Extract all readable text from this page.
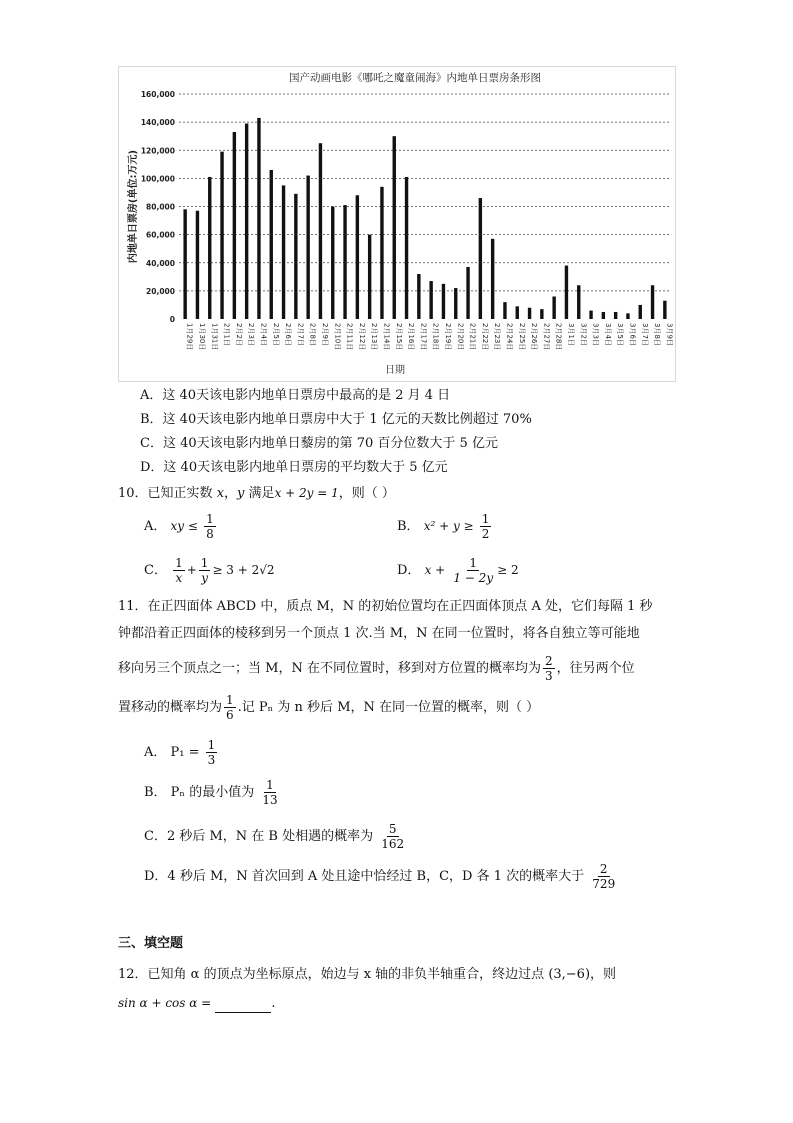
国产动画电影《哪吒之魔童闹海》内地单日票房条形图
0
20,000
40,000
60,000
80,000
100,000
120,000
140,000
160,000
内地单日票房(单位:万元)
1月29日 1月30日 1月31日 2月1日 2月2日 2月3日 2月4日 2月5日 2月6日 2月7日 2月8日 2月9日 2月10日 2月11日 2月12日 2月13日 2月14日 2月15日 2月16日 2月17日 2月18日 2月19日 2月20日 2月21日 2月22日 2月23日 2月24日 2月25日 2月26日 2月27日 2月28日 3月1日 3月2日 3月3日 3月4日 3月5日 3月6日 3月7日 3月8日 3月9日
日期
A．这 40天该电影内地单日票房中最高的是 2 月 4 日
B．这 40天该电影内地单日票房中大于 1 亿元的天数比例超过 70%
C．这 40天该电影内地单日藜房的第 70 百分位数大于 5 亿元
D．这 40天该电影内地单日票房的平均数大于 5 亿元
10．已知正实数 x，y 满足x + 2y = 1，则（ ）
A． xy ≤ $\frac{1}{8}$	B． $x^2 + y \ge \frac{1}{2}$
C． $\frac{1}{x} + \frac{1}{y} \ge 3 + 2√2$	D． $x + \frac{1}{1 - 2y} \ge 2$
11．在正四面体 ABCD 中，质点 M，N 的初始位置均在正四面体顶点 A 处，它们每隔 1 秒
钟都沿着正四面体的棱移到另一个顶点 1 次.当 M，N 在同一位置时，将各自独立等可能地
移向另三个顶点之一；当 M，N 在不同位置时，移到对方位置的概率均为 $\frac{2}{3}$ ，往另两个位
置移动的概率均为 $\frac{1}{6}$ .记 Pₙ 为 n 秒后 M，N 在同一位置的概率，则（ ）
A． $P_1 = \frac{1}{3}$
B． Pₙ 的最小值为 $\frac{1}{13}$
C．2 秒后 M，N 在 B 处相遇的概率为 $\frac{5}{162}$
D．4 秒后 M，N 首次回到 A 处且途中恰经过 B，C，D 各 1 次的概率大于 $\frac{2}{729}$
三、填空题
12．已知角 α 的顶点为坐标原点，始边与 x 轴的非负半轴重合，终边过点 (3,−6)，则
sin α + cos α =	.
